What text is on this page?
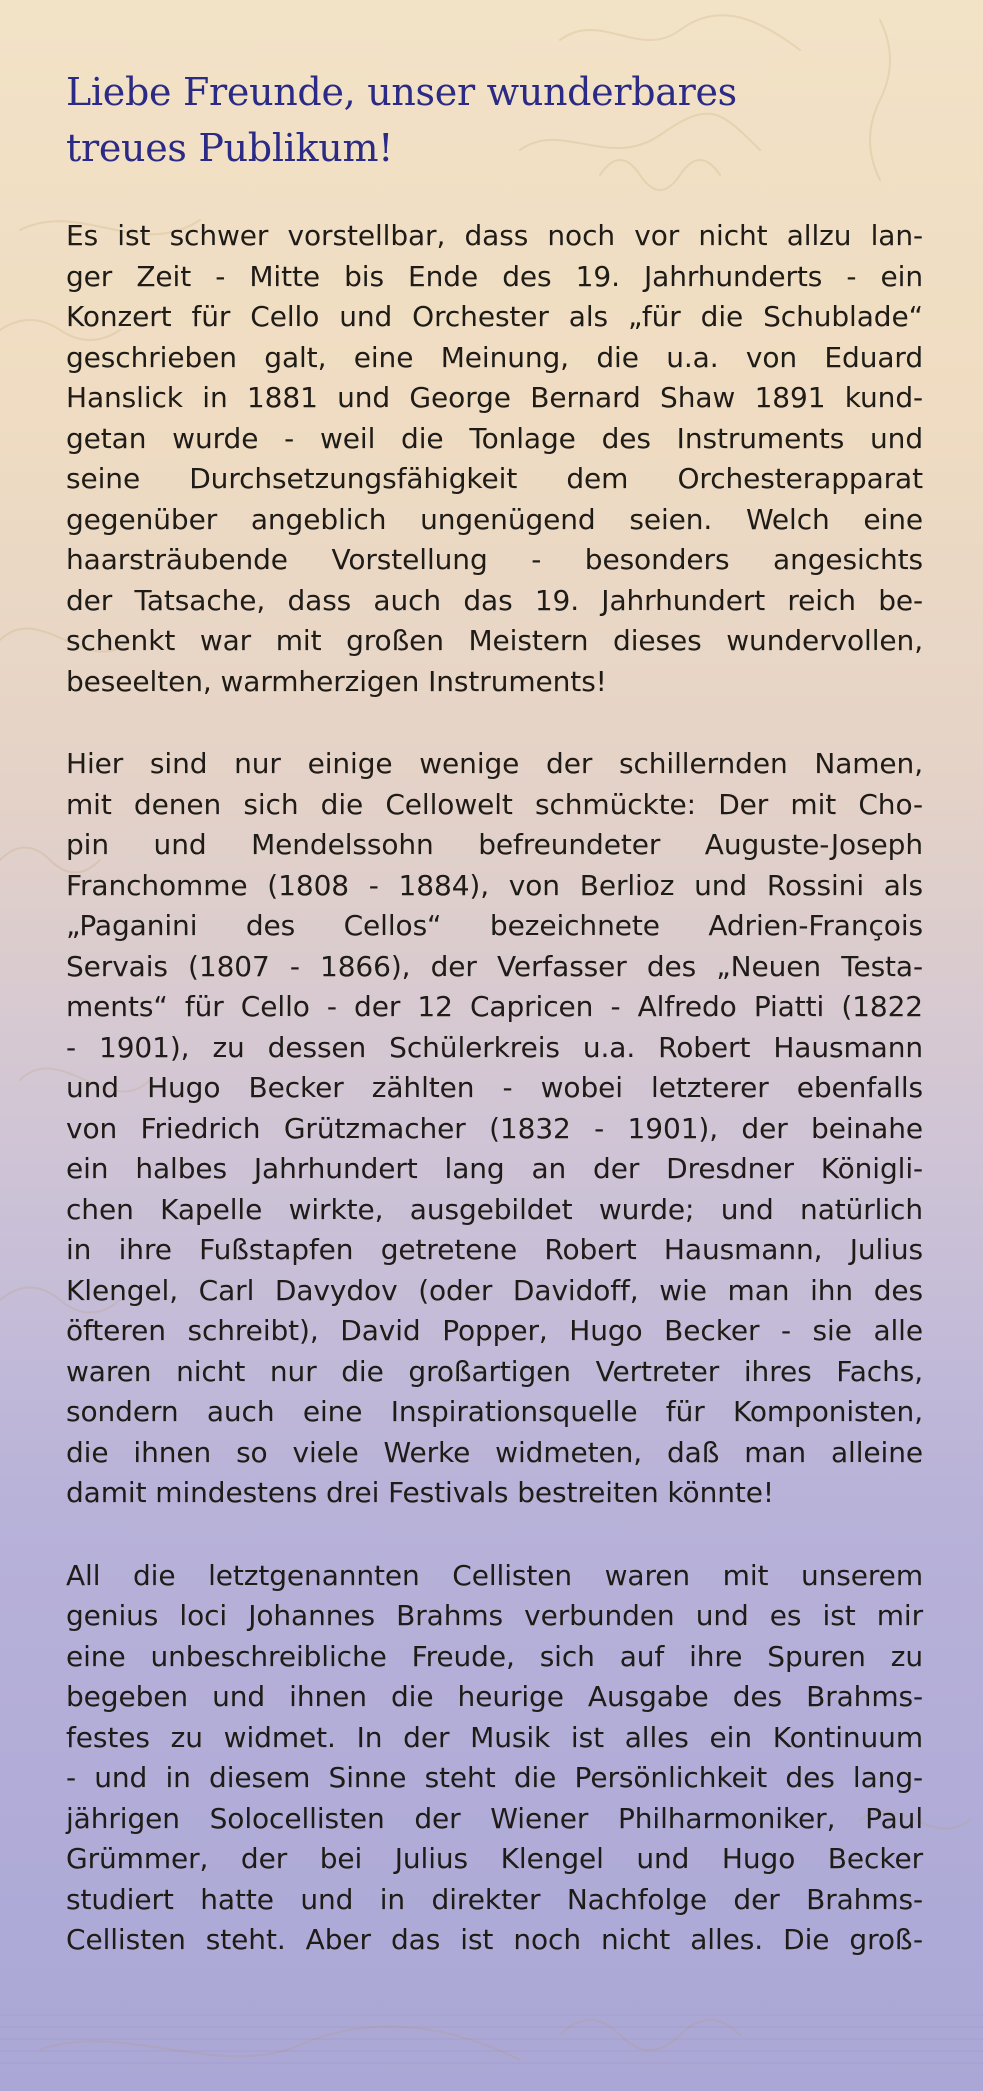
Liebe Freunde, unser wunderbares
treues Publikum!
Es ist schwer vorstellbar, dass noch vor nicht allzu lan-
ger Zeit - Mitte bis Ende des 19. Jahrhunderts - ein
Konzert für Cello und Orchester als „für die Schublade“
geschrieben galt, eine Meinung, die u.a. von Eduard
Hanslick in 1881 und George Bernard Shaw 1891 kund-
getan wurde - weil die Tonlage des Instruments und
seine Durchsetzungsfähigkeit dem Orchesterapparat
gegenüber angeblich ungenügend seien. Welch eine
haarsträubende Vorstellung - besonders angesichts
der Tatsache, dass auch das 19. Jahrhundert reich be-
schenkt war mit großen Meistern dieses wundervollen,
beseelten, warmherzigen Instruments!
Hier sind nur einige wenige der schillernden Namen,
mit denen sich die Cellowelt schmückte: Der mit Cho-
pin und Mendelssohn befreundeter Auguste-Joseph
Franchomme (1808 - 1884), von Berlioz und Rossini als
„Paganini des Cellos“ bezeichnete Adrien-François
Servais (1807 - 1866), der Verfasser des „Neuen Testa-
ments“ für Cello - der 12 Capricen - Alfredo Piatti (1822
- 1901), zu dessen Schülerkreis u.a. Robert Hausmann
und Hugo Becker zählten - wobei letzterer ebenfalls
von Friedrich Grützmacher (1832 - 1901), der beinahe
ein halbes Jahrhundert lang an der Dresdner Königli-
chen Kapelle wirkte, ausgebildet wurde; und natürlich
in ihre Fußstapfen getretene Robert Hausmann, Julius
Klengel, Carl Davydov (oder Davidoff, wie man ihn des
öfteren schreibt), David Popper, Hugo Becker - sie alle
waren nicht nur die großartigen Vertreter ihres Fachs,
sondern auch eine Inspirationsquelle für Komponisten,
die ihnen so viele Werke widmeten, daß man alleine
damit mindestens drei Festivals bestreiten könnte!
All die letztgenannten Cellisten waren mit unserem
genius loci Johannes Brahms verbunden und es ist mir
eine unbeschreibliche Freude, sich auf ihre Spuren zu
begeben und ihnen die heurige Ausgabe des Brahms-
festes zu widmet. In der Musik ist alles ein Kontinuum
- und in diesem Sinne steht die Persönlichkeit des lang-
jährigen Solocellisten der Wiener Philharmoniker, Paul
Grümmer, der bei Julius Klengel und Hugo Becker
studiert hatte und in direkter Nachfolge der Brahms-
Cellisten steht. Aber das ist noch nicht alles. Die groß-
